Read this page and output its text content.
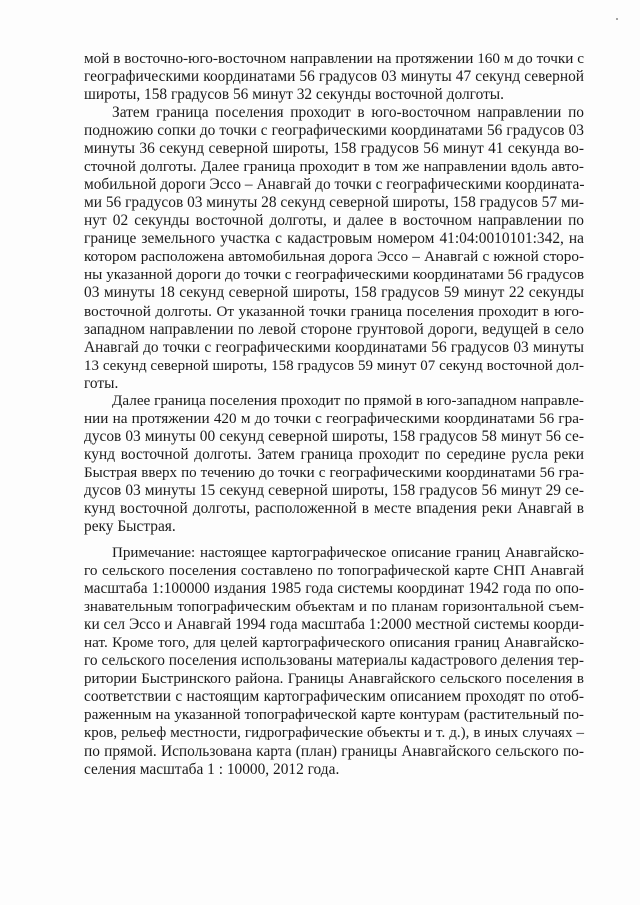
мой в восточно-юго-восточном направлении на протяжении 160 м до точки с
географическими координатами 56 градусов 03 минуты 47 секунд северной
широты, 158 градусов 56 минут 32 секунды восточной долготы.
Затем граница поселения проходит в юго-восточном направлении по
подножию сопки до точки с географическими координатами 56 градусов 03
минуты 36 секунд северной широты, 158 градусов 56 минут 41 секунда во-
сточной долготы. Далее граница проходит в том же направлении вдоль авто-
мобильной дороги Эссо – Анавгай до точки с географическими координата-
ми 56 градусов 03 минуты 28 секунд северной широты, 158 градусов 57 ми-
нут 02 секунды восточной долготы, и далее в восточном направлении по
границе земельного участка с кадастровым номером 41:04:0010101:342, на
котором расположена автомобильная дорога Эссо – Анавгай с южной сторо-
ны указанной дороги до точки с географическими координатами 56 градусов
03 минуты 18 секунд северной широты, 158 градусов 59 минут 22 секунды
восточной долготы. От указанной точки граница поселения проходит в юго-
западном направлении по левой стороне грунтовой дороги, ведущей в село
Анавгай до точки с географическими координатами 56 градусов 03 минуты
13 секунд северной широты, 158 градусов 59 минут 07 секунд восточной дол-
готы.
Далее граница поселения проходит по прямой в юго-западном направле-
нии на протяжении 420 м до точки с географическими координатами 56 гра-
дусов 03 минуты 00 секунд северной широты, 158 градусов 58 минут 56 се-
кунд восточной долготы. Затем граница проходит по середине русла реки
Быстрая вверх по течению до точки с географическими координатами 56 гра-
дусов 03 минуты 15 секунд северной широты, 158 градусов 56 минут 29 се-
кунд восточной долготы, расположенной в месте впадения реки Анавгай в
реку Быстрая.
Примечание: настоящее картографическое описание границ Анавгайско-
го сельского поселения составлено по топографической карте СНП Анавгай
масштаба 1:100000 издания 1985 года системы координат 1942 года по опо-
знавательным топографическим объектам и по планам горизонтальной съем-
ки сел Эссо и Анавгай 1994 года масштаба 1:2000 местной системы коорди-
нат. Кроме того, для целей картографического описания границ Анавгайско-
го сельского поселения использованы материалы кадастрового деления тер-
ритории Быстринского района. Границы Анавгайского сельского поселения в
соответствии с настоящим картографическим описанием проходят по отоб-
раженным на указанной топографической карте контурам (растительный по-
кров, рельеф местности, гидрографические объекты и т. д.), в иных случаях –
по прямой. Использована карта (план) границы Анавгайского сельского по-
селения масштаба 1 : 10000, 2012 года.
